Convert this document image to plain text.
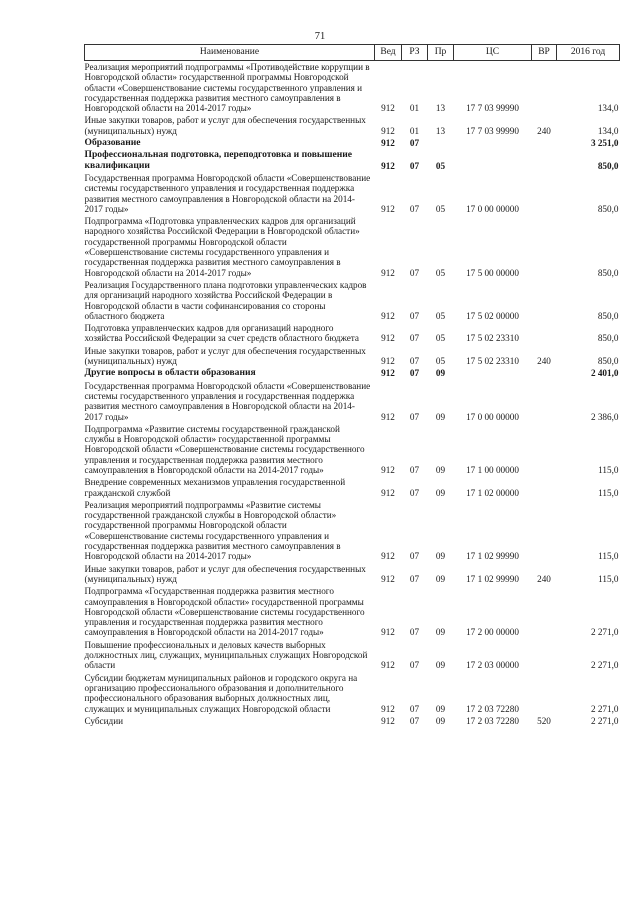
71
Наименование	Вед	РЗ	Пр	ЦС	ВР	2016 год
Реализация мероприятий подпрограммы «Противодействие коррупции в Новгородской области» государственной программы Новгородской области «Совершенствование системы государственного управления и государственная поддержка развития местного самоуправления в Новгородской области на 2014-2017 годы»	912	01	13	17 7 03 99990		134,0
Иные закупки товаров, работ и услуг для обеспечения государственных (муниципальных) нужд	912	01	13	17 7 03 99990	240	134,0
Образование	912	07				3 251,0
Профессиональная подготовка, переподготовка и повышение квалификации	912	07	05			850,0
Государственная программа Новгородской области «Совершенствование системы государственного управления и государственная поддержка развития местного самоуправления в Новгородской области на 2014-2017 годы»	912	07	05	17 0 00 00000		850,0
Подпрограмма «Подготовка управленческих кадров для организаций народного хозяйства Российской Федерации в Новгородской области» государственной программы Новгородской области «Совершенствование системы государственного управления и государственная поддержка развития местного самоуправления в Новгородской области на 2014-2017 годы»	912	07	05	17 5 00 00000		850,0
Реализация Государственного плана подготовки управленческих кадров для организаций народного хозяйства Российской Федерации в Новгородской области в части софинансирования со стороны областного бюджета	912	07	05	17 5 02 00000		850,0
Подготовка управленческих кадров для организаций народного хозяйства Российской Федерации за счет средств областного бюджета	912	07	05	17 5 02 23310		850,0
Иные закупки товаров, работ и услуг для обеспечения государственных (муниципальных) нужд	912	07	05	17 5 02 23310	240	850,0
Другие вопросы в области образования	912	07	09			2 401,0
Государственная программа Новгородской области «Совершенствование системы государственного управления и государственная поддержка развития местного самоуправления в Новгородской области на 2014-2017 годы»	912	07	09	17 0 00 00000		2 386,0
Подпрограмма «Развитие системы государственной гражданской службы в Новгородской области» государственной программы Новгородской области «Совершенствование системы государственного управления и государственная поддержка развития местного самоуправления в Новгородской области на 2014-2017 годы»	912	07	09	17 1 00 00000		115,0
Внедрение современных механизмов управления государственной гражданской службой	912	07	09	17 1 02 00000		115,0
Реализация мероприятий подпрограммы «Развитие системы государственной гражданской службы в Новгородской области» государственной программы Новгородской области «Совершенствование системы государственного управления и государственная поддержка развития местного самоуправления в Новгородской области на 2014-2017 годы»	912	07	09	17 1 02 99990		115,0
Иные закупки товаров, работ и услуг для обеспечения государственных (муниципальных) нужд	912	07	09	17 1 02 99990	240	115,0
Подпрограмма «Государственная поддержка развития местного самоуправления в Новгородской области» государственной программы Новгородской области «Совершенствование системы государственного управления и государственная поддержка развития местного самоуправления в Новгородской области на 2014-2017 годы»	912	07	09	17 2 00 00000		2 271,0
Повышение профессиональных и деловых качеств выборных должностных лиц, служащих, муниципальных служащих Новгородской области	912	07	09	17 2 03 00000		2 271,0
Субсидии бюджетам муниципальных районов и городского округа на организацию профессионального образования и дополнительного профессионального образования выборных должностных лиц, служащих и муниципальных служащих Новгородской области	912	07	09	17 2 03 72280		2 271,0
Субсидии	912	07	09	17 2 03 72280	520	2 271,0
